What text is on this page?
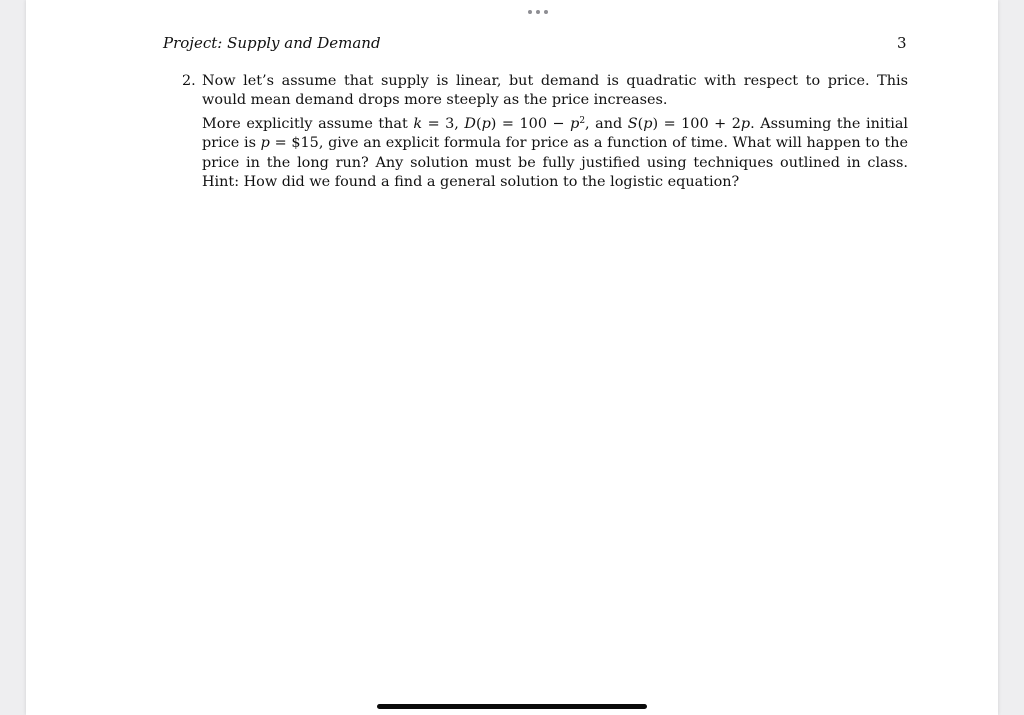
Project: Supply and Demand	3
2. Now let’s assume that supply is linear, but demand is quadratic with respect to price. This would mean demand drops more steeply as the price increases.

More explicitly assume that k = 3, $D(p) = 100 - p^2$, and S(p) = 100 + 2p. Assuming the initial price is p = $15, give an explicit formula for price as a function of time. What will happen to the price in the long run? Any solution must be fully justified using techniques outlined in class. Hint: How did we found a find a general solution to the logistic equation?
